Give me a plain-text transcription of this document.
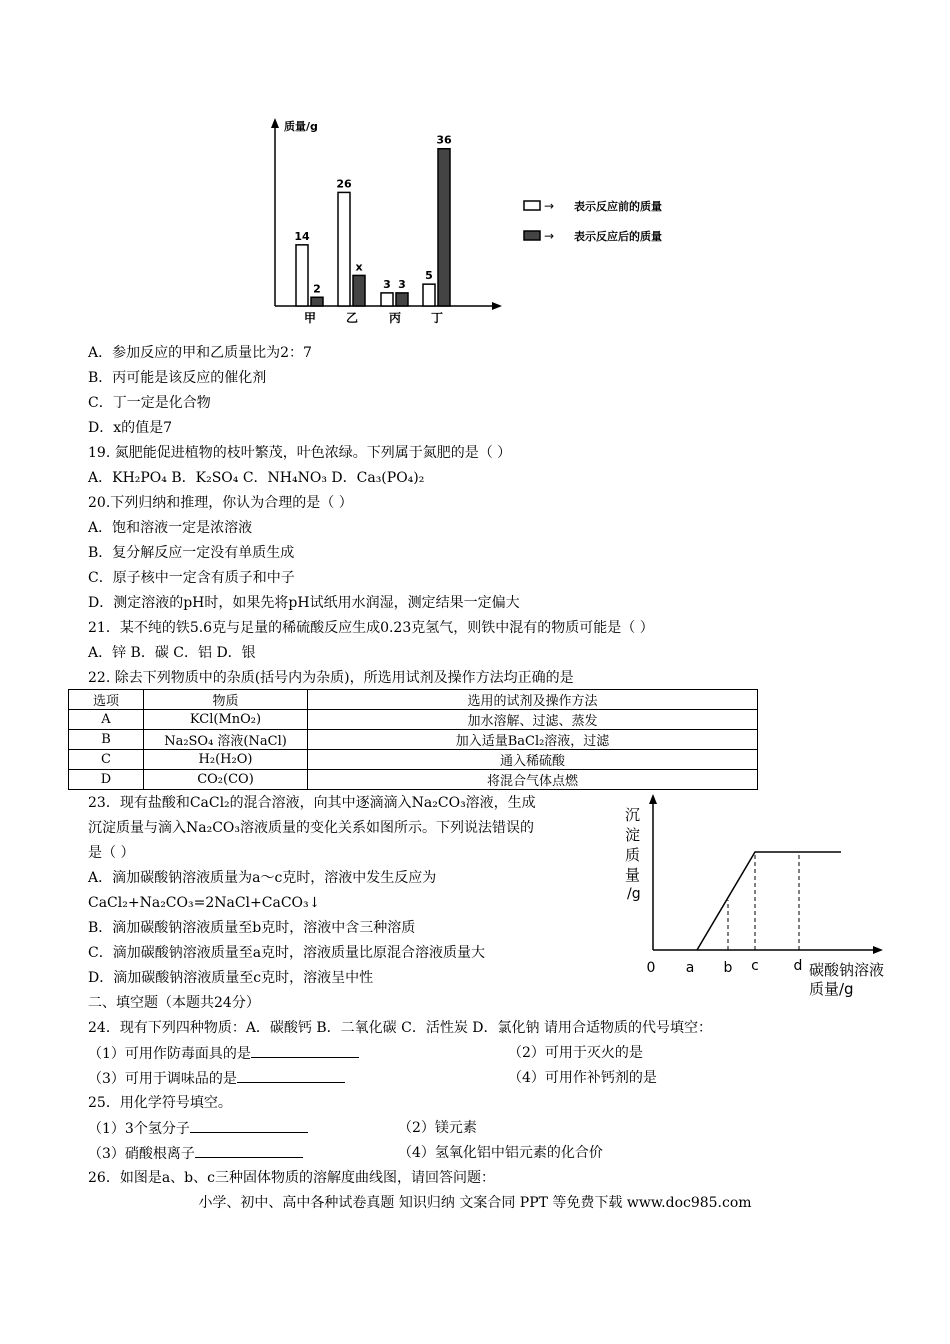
14
2
甲
26
x
乙
3 3
丙
5
36
丁
质量/g
→ 表示反应前的质量
→ 表示反应后的质量
A．参加反应的甲和乙质量比为2：7
B．丙可能是该反应的催化剂
C．丁一定是化合物
D．x的值是7
19. 氮肥能促进植物的枝叶繁茂，叶色浓绿。下列属于氮肥的是（ ）
A．KH₂PO₄ B．K₂SO₄ C．NH₄NO₃ D．Ca₃(PO₄)₂
20.下列归纳和推理，你认为合理的是（ ）
A．饱和溶液一定是浓溶液
B．复分解反应一定没有单质生成
C．原子核中一定含有质子和中子
D．测定溶液的pH时，如果先将pH试纸用水润湿，测定结果一定偏大
21．某不纯的铁5.6克与足量的稀硫酸反应生成0.23克氢气，则铁中混有的物质可能是（ ）
A．锌 B．碳 C．铝 D．银
22. 除去下列物质中的杂质(括号内为杂质)，所选用试剂及操作方法均正确的是
选项	物质	选用的试剂及操作方法
A	KCl(MnO₂)	加水溶解、过滤、蒸发
B	Na₂SO₄ 溶液(NaCl)	加入适量BaCl₂溶液，过滤
C	H₂(H₂O)	通入稀硫酸
D	CO₂(CO)	将混合气体点燃
23．现有盐酸和CaCl₂的混合溶液，向其中逐滴滴入Na₂CO₃溶液，生成
沉淀质量与滴入Na₂CO₃溶液质量的变化关系如图所示。下列说法错误的
是（ ）
A．滴加碳酸钠溶液质量为a～c克时，溶液中发生反应为
CaCl₂+Na₂CO₃=2NaCl+CaCO₃↓
B．滴加碳酸钠溶液质量至b克时，溶液中含三种溶质
C．滴加碳酸钠溶液质量至a克时，溶液质量比原混合溶液质量大
D．滴加碳酸钠溶液质量至c克时，溶液呈中性
沉
淀
质
量
/g
0 a b c d 碳酸钠溶液
质量/g
二、填空题（本题共24分）
24．现有下列四种物质：A．碳酸钙 B．二氧化碳 C．活性炭 D．氯化钠 请用合适物质的代号填空：
（1）可用作防毒面具的是	（2）可用于灭火的是
（3）可用于调味品的是	（4）可用作补钙剂的是
25．用化学符号填空。
（1）3个氢分子	（2）镁元素
（3）硝酸根离子	（4）氢氧化铝中铝元素的化合价
26．如图是a、b、c三种固体物质的溶解度曲线图，请回答问题：
小学、初中、高中各种试卷真题 知识归纳 文案合同 PPT 等免费下载 www.doc985.com
